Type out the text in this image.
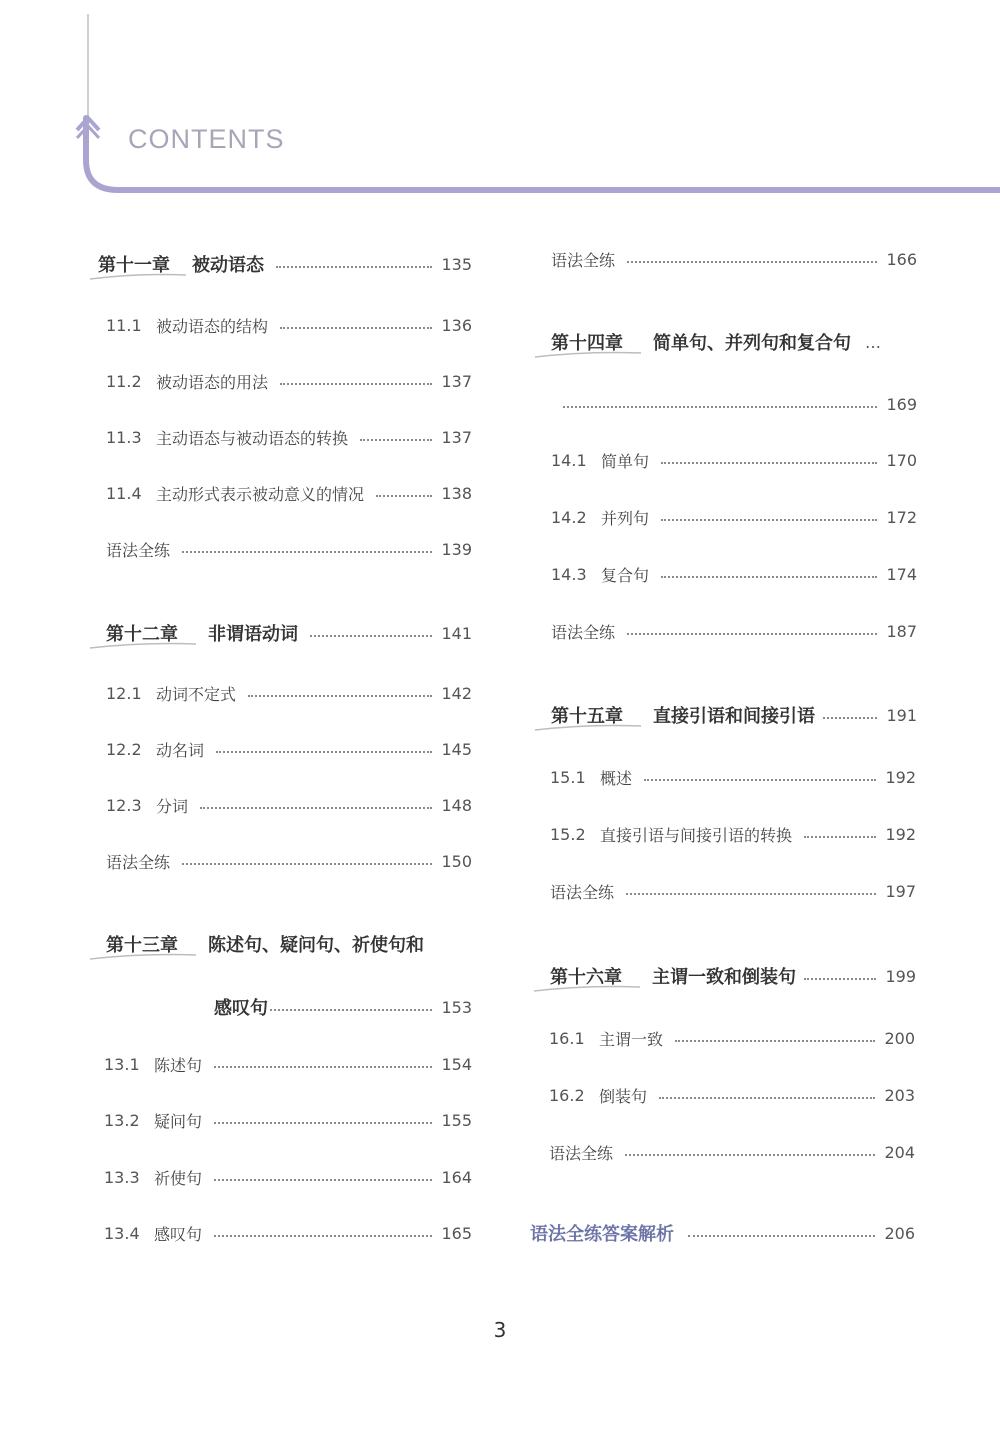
CONTENTS
第十一章 被动语态	135
11.1 被动语态的结构	136
11.2 被动语态的用法	137
11.3 主动语态与被动语态的转换	137
11.4 主动形式表示被动意义的情况	138
语法全练	139
第十二章 非谓语动词	141
12.1 动词不定式	142
12.2 动名词	145
12.3 分词	148
语法全练	150
第十三章 陈述句、疑问句、祈使句和
感叹句	153
13.1 陈述句	154
13.2 疑问句	155
13.3 祈使句	164
13.4 感叹句	165
语法全练	166
第十四章 简单句、并列句和复合句 …
169
14.1 简单句	170
14.2 并列句	172
14.3 复合句	174
语法全练	187
第十五章 直接引语和间接引语	191
15.1 概述	192
15.2 直接引语与间接引语的转换	192
语法全练	197
第十六章 主谓一致和倒装句	199
16.1 主谓一致	200
16.2 倒装句	203
语法全练	204
语法全练答案解析	206
3
